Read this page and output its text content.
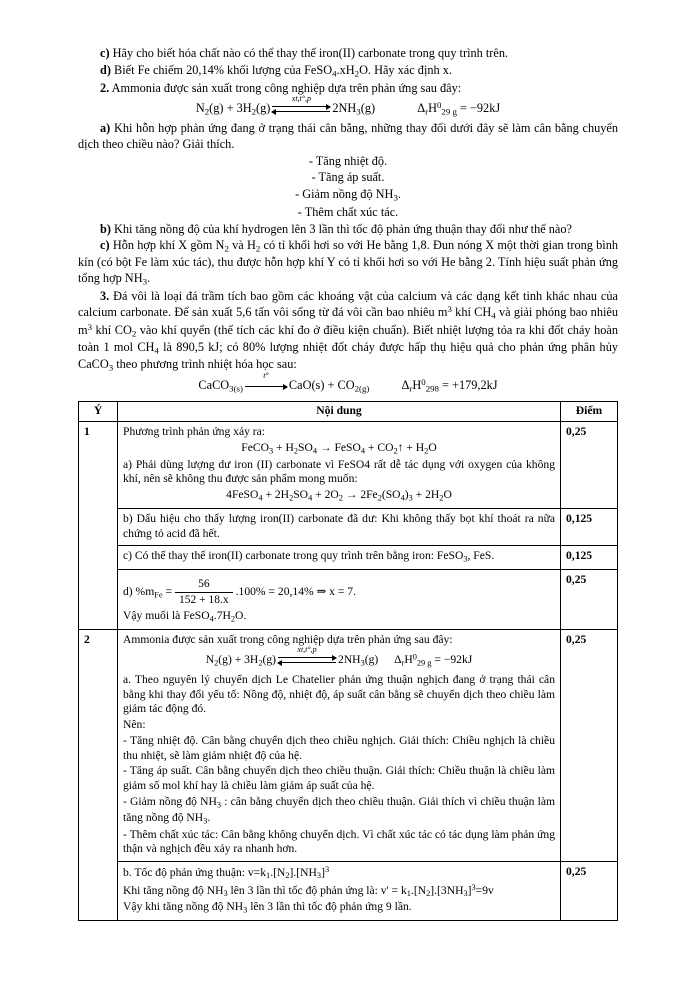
c) Hãy cho biết hóa chất nào có thể thay thế iron(II) carbonate trong quy trình trên.

d) Biết Fe chiếm 20,14% khối lượng của $FeSO_4.xH_2O$. Hãy xác định x.

2. Ammonia được sản xuất trong công nghiệp dựa trên phản ứng sau đây:

$N_2(g) + 3H_2(g)$
xt,t°,p
$2NH_3(g)$	$\Delta_rH^0_{29 g} = -92kJ$

a) Khi hỗn hợp phản ứng đang ở trạng thái cân bằng, những thay đổi dưới đây sẽ làm cân bằng chuyển dịch theo chiều nào? Giải thích.

- Tăng nhiệt độ.

- Tăng áp suất.

- Giảm nồng độ $NH_3$.

- Thêm chất xúc tác.

b) Khi tăng nồng độ của khí hydrogen lên 3 lần thì tốc độ phản ứng thuận thay đổi như thế nào?

c) Hỗn hợp khí X gồm $N_2$ và $H_2$ có tỉ khối hơi so với He bằng 1,8. Đun nóng X một thời gian trong bình kín (có bột Fe làm xúc tác), thu được hỗn hợp khí Y có tỉ khối hơi so với He bằng 2. Tính hiệu suất phản ứng tổng hợp $NH_3$.

3. Đá vôi là loại đá trầm tích bao gồm các khoáng vật của calcium và các dạng kết tinh khác nhau của calcium carbonate. Để sản xuất 5,6 tấn vôi sống từ đá vôi cần bao nhiêu $m^3$ khí $CH_4$ và giải phóng bao nhiêu $m^3$ khí $CO_2$ vào khí quyển (thể tích các khí đo ở điều kiện chuẩn). Biết nhiệt lượng tỏa ra khi đốt cháy hoàn toàn 1 mol $CH_4$ là 890,5 kJ; có 80% lượng nhiệt đốt cháy được hấp thụ hiệu quả cho phản ứng phân hủy CaCO$_3$ theo phương trình nhiệt hóa học sau:

CaCO$_{3(s)}$
t°
$CaO(s) + CO_{2(g)}$	$\Delta_rH^0_{298} = +179,2kJ$
Ý	Nội dung	Điểm
1	Phương trình phản ứng xảy ra:

FeCO$_3$ + $H_2SO_4$ → FeSO$_4$ + $CO_2↑ + H_2O$

a) Phải dùng lượng dư iron (II) carbonate vì FeSO4 rất dễ tác dụng với oxygen của không khí, nên sẽ không thu được sản phẩm mong muốn:

4FeSO$_4$ + $2H_2SO_4 + 2O_2 \to 2Fe_2(SO_4)_3 + 2H_2O$	0,25

	b) Dấu hiệu cho thấy lượng iron(II) carbonate đã dư: Khi không thấy bọt khí thoát ra nữa chứng tỏ acid đã hết.	0,125

	c) Có thể thay thế iron(II) carbonate trong quy trình trên bằng iron: FeSO$_3$, FeS.	0,125

	d) $\%m_{Fe} = \frac{56}{152 + 18.x} .100\% = 20,14\%$ ⇒ x = 7.

Vậy muối là $FeSO_4.7H_2O$.	0,25
2	Ammonia được sản xuất trong công nghiệp dựa trên phản ứng sau đây:

$N_2(g) + 3H_2(g)$
xt,t°,p
$2NH_3(g) \Delta_rH^0_{29 g} = -92kJ$

a. Theo nguyên lý chuyển dịch Le Chatelier phản ứng thuận nghịch đang ở trạng thái cân bằng khi thay đổi yếu tố: Nồng độ, nhiệt độ, áp suất cân bằng sẽ chuyển dịch theo chiều làm giảm tác động đó.

Nên:

- Tăng nhiệt độ. Cân bằng chuyển dịch theo chiều nghịch. Giải thích: Chiều nghịch là chiều thu nhiệt, sẽ làm giảm nhiệt độ của hệ.

- Tăng áp suất. Cân bằng chuyển dịch theo chiều thuận. Giải thích: Chiều thuận là chiều làm giảm số mol khí hay là chiều làm giảm áp suất của hệ.

- Giảm nồng độ $NH_3$ : cân bằng chuyển dịch theo chiều thuận. Giải thích vì chiều thuận làm tăng nồng độ $NH_3$.

- Thêm chất xúc tác: Cân bằng không chuyển dịch. Vì chất xúc tác có tác dụng làm phản ứng thận và nghịch đều xảy ra nhanh hơn.

	0,25

	b. Tốc độ phản ứng thuận: $v=k_1.[N_2].[NH_3]^3$

Khi tăng nồng độ $NH_3$ lên 3 lần thì tốc độ phản ứng là: $v' = k_1.[N_2].[3NH_3]^3=9v$

Vậy khi tăng nồng độ $NH_3$ lên 3 lần thì tốc độ phản ứng 9 lần.	0,25
